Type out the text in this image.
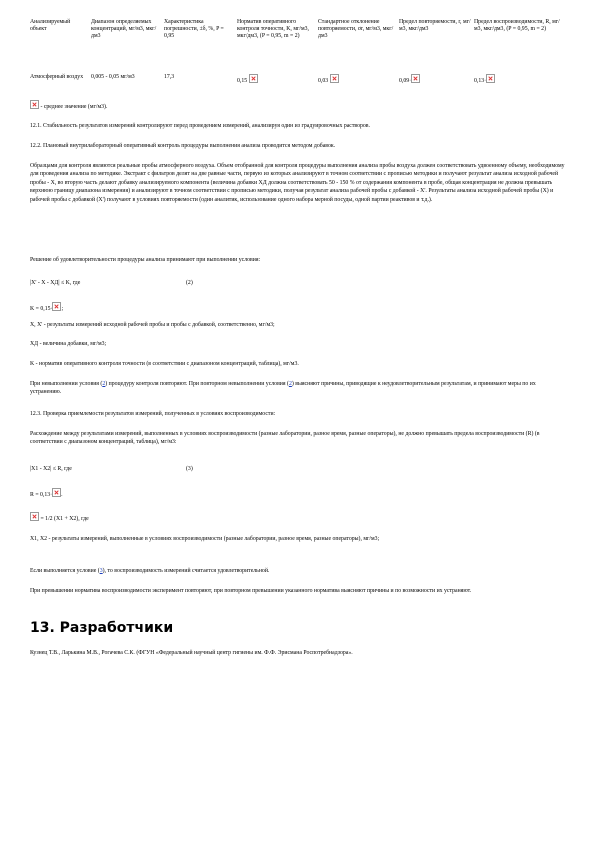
Анализируемый объект	Диапазон определяемых концентраций, мг/м3, мкг/дм3	Характеристика погрешности, ±δ, %, P = 0,95	Норматив оперативного контроля точности, K, мг/м3, мкг/дм3, (P = 0,95, m = 2)	Стандартное отклонение повторяемости, σr, мг/м3, мкг/дм3	Предел повторяемости, r, мг/м3, мкг/дм3	Предел воспроизводимости, R, мг/м3, мкг/дм3, (P = 0,95, m = 2)
Атмосферный воздух	0,005 - 0,05 мг/м3	17,3	0,15	0,03	0,09	0,13

- среднее значение (мг/м3).

12.1. Стабильность результатов измерений контролируют перед проведением измерений, анализируя один из градуировочных растворов.

12.2. Плановый внутрилабораторный оперативный контроль процедуры выполнения анализа проводится методом добавок.

Образцами для контроля являются реальные пробы атмосферного воздуха. Объем отобранной для контроля процедуры выполнения анализа пробы воздуха должен соответствовать удвоенному объему, необходимому для проведения анализа по методике. Экстракт с фильтров делят на две равные части, первую из которых анализируют в точном соответствии с прописью методики и получают результат анализа исходной рабочей пробы - X, во вторую часть делают добавку анализируемого компонента (величина добавки ХД должна соответствовать 50 - 150 % от содержания компонента в пробе, общая концентрация не должна превышать верхнюю границу диапазона измерения) и анализируют в точном соответствии с прописью методики, получая результат анализа рабочей пробы с добавкой - X'. Результаты анализа исходной рабочей пробы (X) и рабочей пробы с добавкой (X') получают в условиях повторяемости (один аналитик, использование одного набора мерной посуды, одной партии реактивов и т.д.).

Решение об удовлетворительности процедуры анализа принимают при выполнении условия:

|X' - X - XД| ≤ K, где	(2)

K = 0,15· ;

X, X' - результаты измерений исходной рабочей пробы и пробы с добавкой, соответственно, мг/м3;

XД - величина добавки, мг/м3;

K - норматив оперативного контроля точности (в соответствии с диапазоном концентраций, таблица), мг/м3.

При невыполнении условия (2) процедуру контроля повторяют. При повторном невыполнении условия (2) выясняют причины, приводящие к неудовлетворительным результатам, и принимают меры по их устранению.

12.3. Проверка приемлемости результатов измерений, полученных в условиях воспроизводимости:

Расхождение между результатами измерений, выполненных в условиях воспроизводимости (разные лаборатории, разное время, разные операторы), не должно превышать предела воспроизводимости (R) (в соответствии с диапазоном концентраций, таблица), мг/м3:

|X1 - X2| ≤ R, где	(3)

R = 0,13· .

= 1/2 (X1 + X2), где

X1, X2 - результаты измерений, выполненные в условиях воспроизводимости (разные лаборатории, разное время, разные операторы), мг/м3;

Если выполняется условие (3), то воспроизводимость измерений считается удовлетворительной.

При превышении норматива воспроизводимости эксперимент повторяют, при повторном превышении указанного норматива выясняют причины и по возможности их устраняют.

13. Разработчики

Кузнец Т.В., Ларькина М.В., Рогачева С.К. (ФГУН «Федеральный научный центр гигиены им. Ф.Ф. Эрисмана Роспотребнадзора».
